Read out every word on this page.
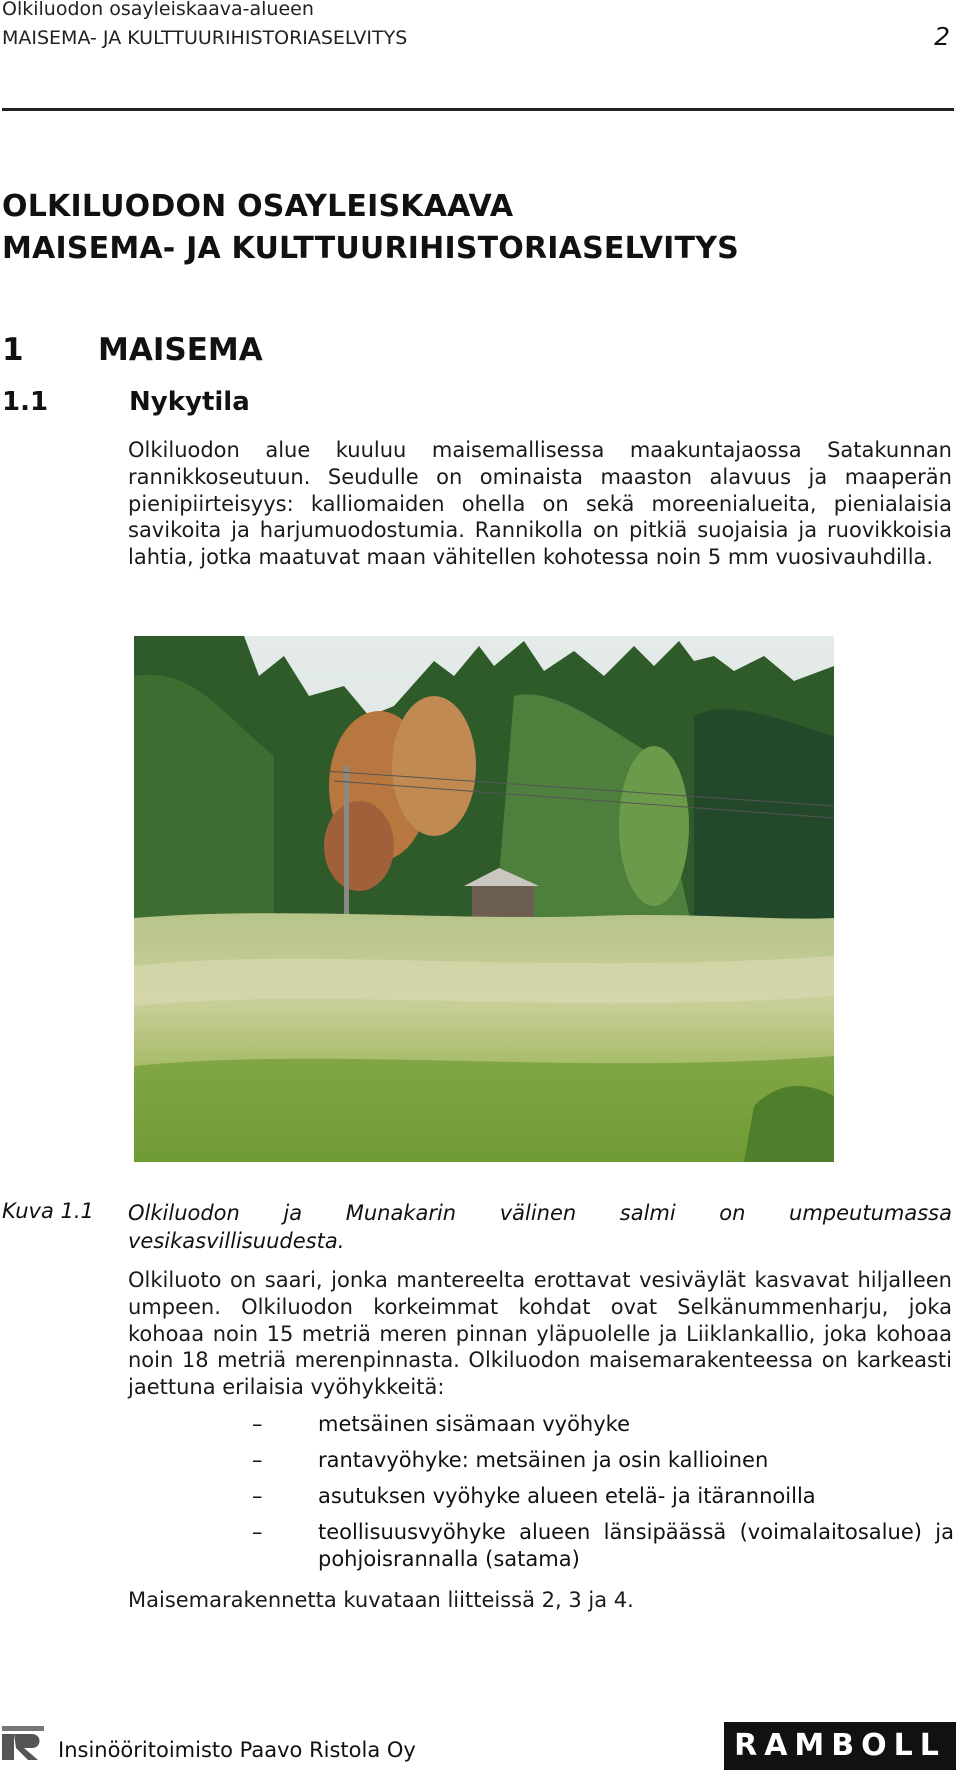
Olkiluodon osayleiskaava-alueen
MAISEMA- JA KULTTUURIHISTORIASELVITYS	2
OLKILUODON OSAYLEISKAAVA
MAISEMA- JA KULTTUURIHISTORIASELVITYS
1 MAISEMA
1.1	Nykytila
Olkiluodon alue kuuluu maisemallisessa maakuntajaossa Satakunnan rannikkoseutuun. Seudulle on ominaista maaston alavuus ja maaperän pienipiirteisyys: kalliomaiden ohella on sekä moreenialueita, pienialaisia savikoita ja harjumuodostumia. Rannikolla on pitkiä suojaisia ja ruovikkoisia lahtia, jotka maatuvat maan vähitellen kohotessa noin 5 mm vuosivauhdilla.
Kuva 1.1 Olkiluodon ja Munakarin välinen salmi on umpeutumassa vesikasvillisuudesta.
Olkiluoto on saari, jonka mantereelta erottavat vesiväylät kasvavat hiljalleen umpeen. Olkiluodon korkeimmat kohdat ovat Selkänummenharju, joka kohoaa noin 15 metriä meren pinnan yläpuolelle ja Liiklankallio, joka kohoaa noin 18 metriä merenpinnasta. Olkiluodon maisemarakenteessa on karkeasti jaettuna erilaisia vyöhykkeitä:
–	metsäinen sisämaan vyöhyke
–	rantavyöhyke: metsäinen ja osin kallioinen
–	asutuksen vyöhyke alueen etelä- ja itärannoilla
–	teollisuusvyöhyke alueen länsipäässä (voimalaitosalue) ja pohjoisrannalla (satama)
Maisemarakennetta kuvataan liitteissä 2, 3 ja 4.
Insinööritoimisto Paavo Ristola Oy	RAMBOLL
